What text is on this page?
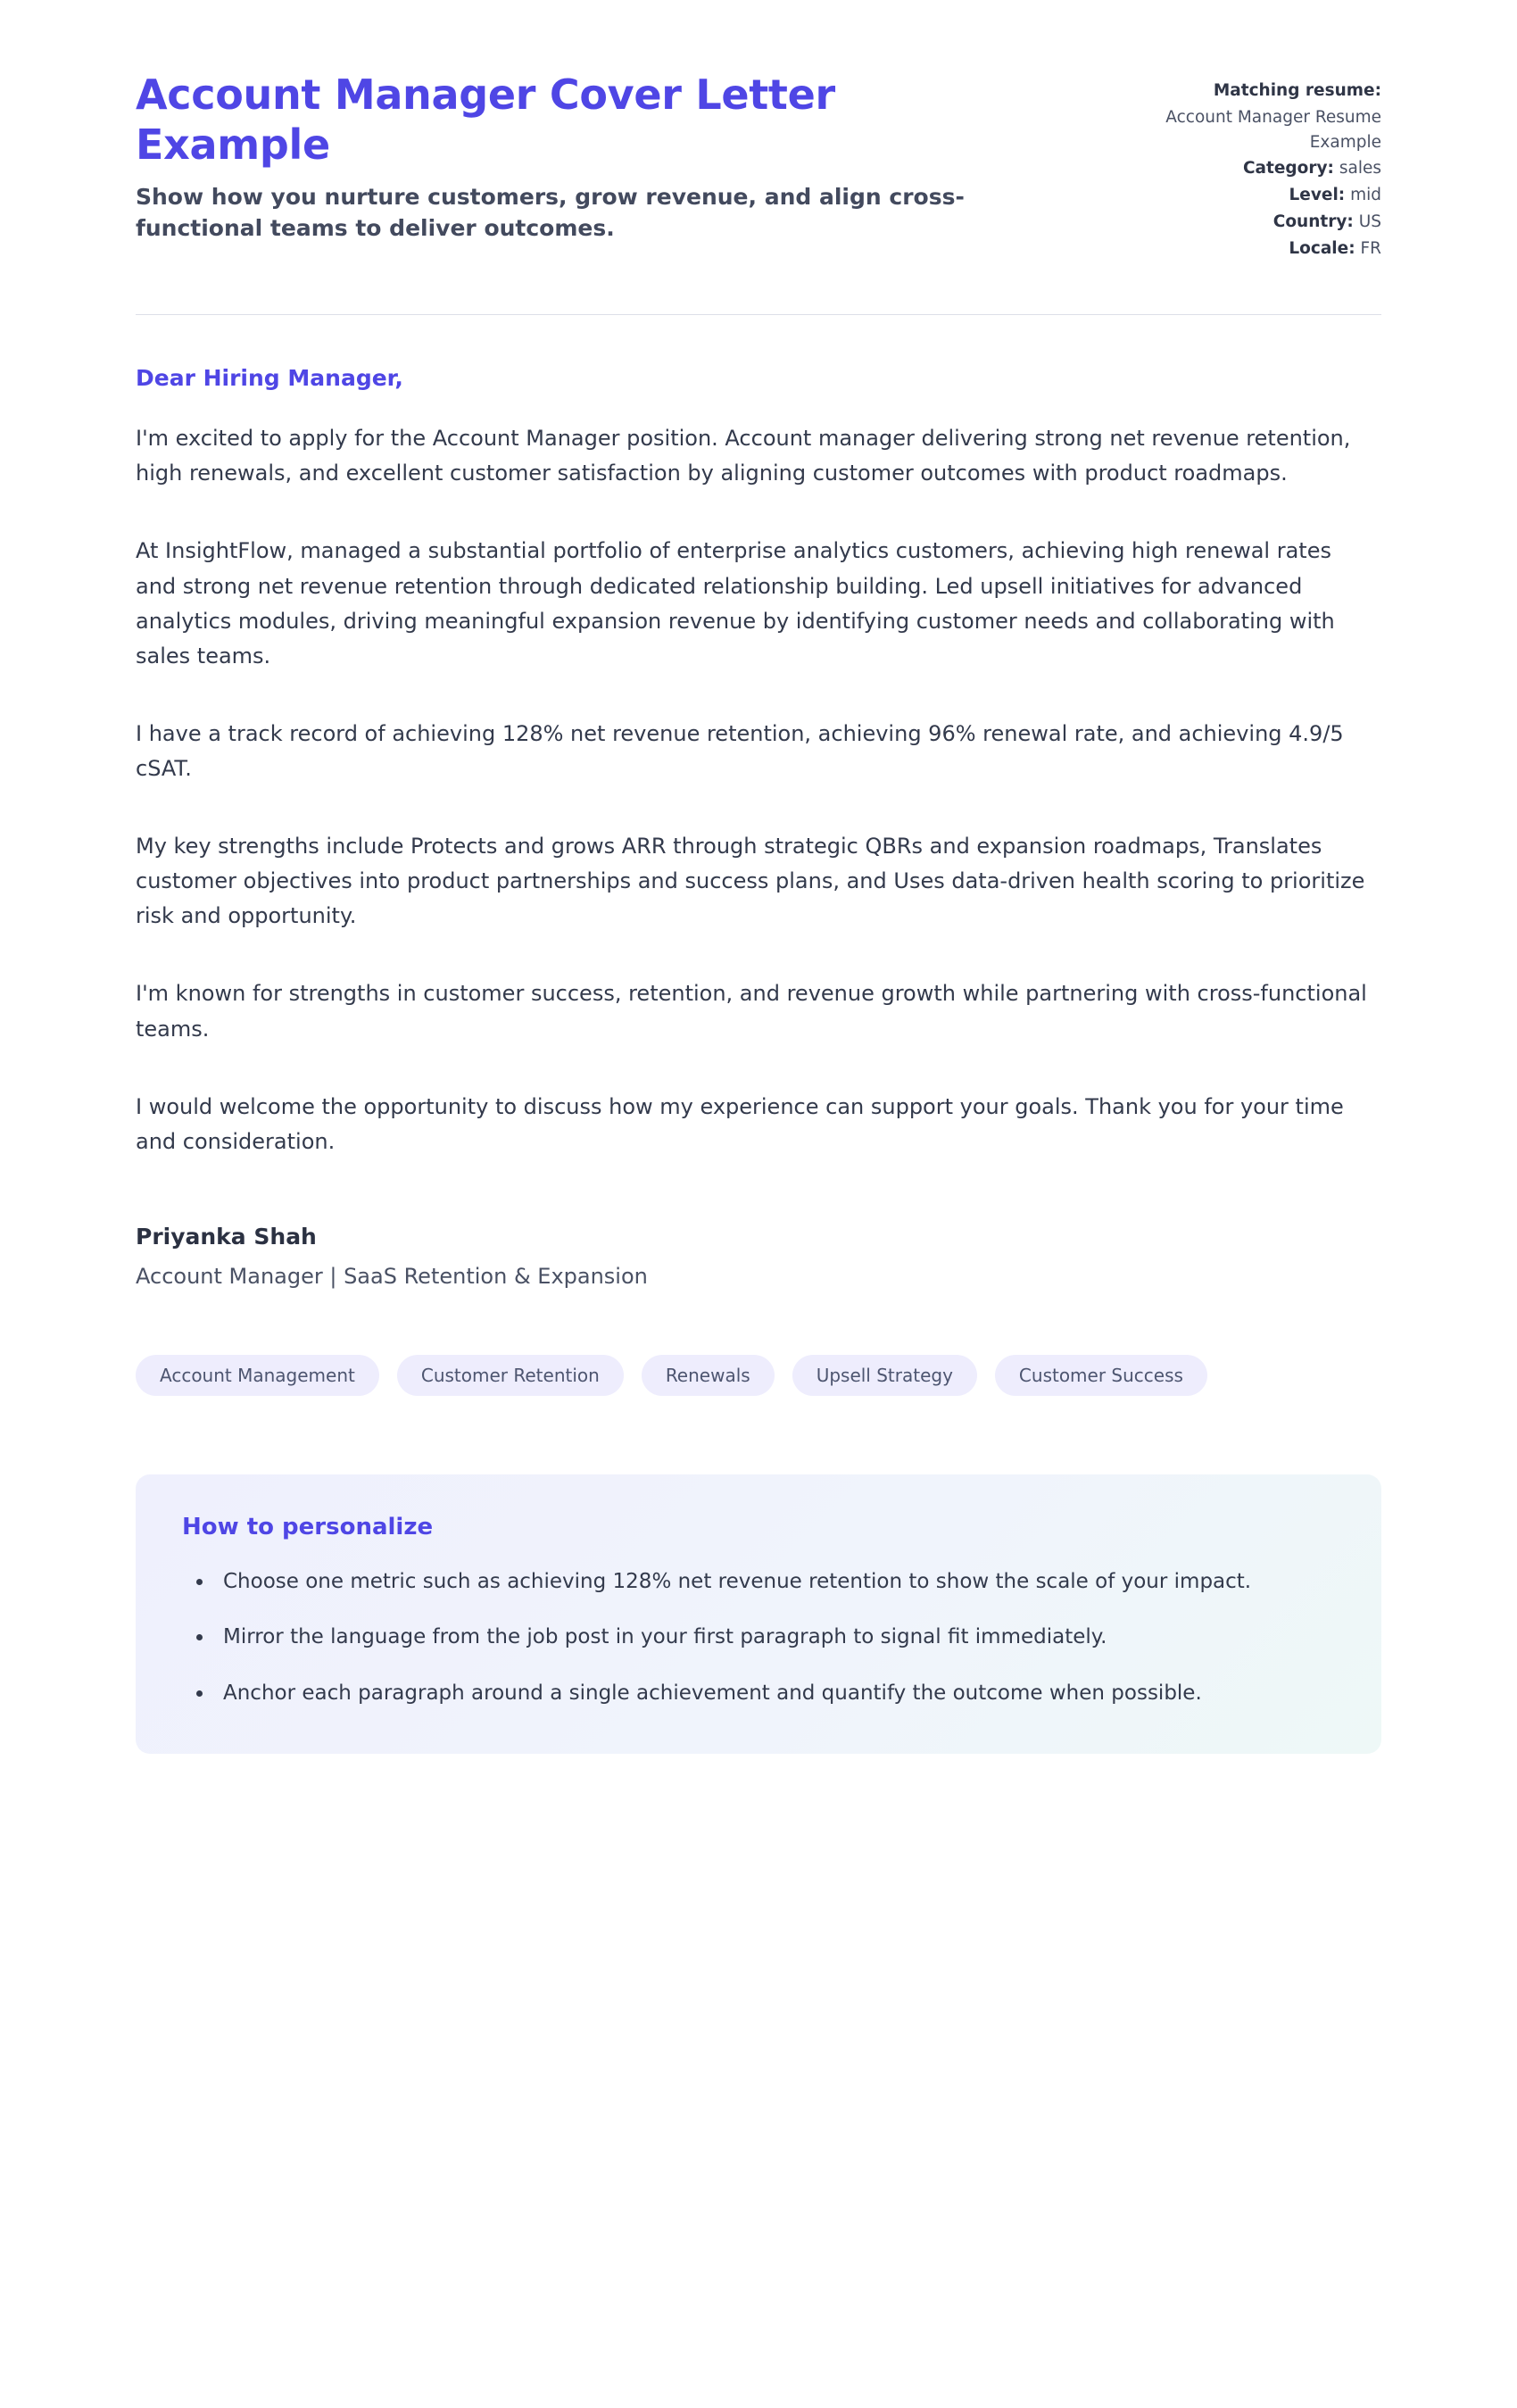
Account Manager Cover Letter Example

Show how you nurture customers, grow revenue, and align cross-functional teams to deliver outcomes.

Matching resume:
Account Manager Resume Example
Category: sales
Level: mid
Country: US
Locale: FR

Dear Hiring Manager,

I'm excited to apply for the Account Manager position. Account manager delivering strong net revenue retention, high renewals, and excellent customer satisfaction by aligning customer outcomes with product roadmaps.

At InsightFlow, managed a substantial portfolio of enterprise analytics customers, achieving high renewal rates and strong net revenue retention through dedicated relationship building. Led upsell initiatives for advanced analytics modules, driving meaningful expansion revenue by identifying customer needs and collaborating with sales teams.

I have a track record of achieving 128% net revenue retention, achieving 96% renewal rate, and achieving 4.9/5 cSAT.

My key strengths include Protects and grows ARR through strategic QBRs and expansion roadmaps, Translates customer objectives into product partnerships and success plans, and Uses data-driven health scoring to prioritize risk and opportunity.

I'm known for strengths in customer success, retention, and revenue growth while partnering with cross-functional teams.

I would welcome the opportunity to discuss how my experience can support your goals. Thank you for your time and consideration.

Priyanka Shah

Account Manager | SaaS Retention & Expansion

Account Management	Customer Retention	Renewals	Upsell Strategy	Customer Success
How to personalize
• Choose one metric such as achieving 128% net revenue retention to show the scale of your impact.
• Mirror the language from the job post in your first paragraph to signal fit immediately.
• Anchor each paragraph around a single achievement and quantify the outcome when possible.
